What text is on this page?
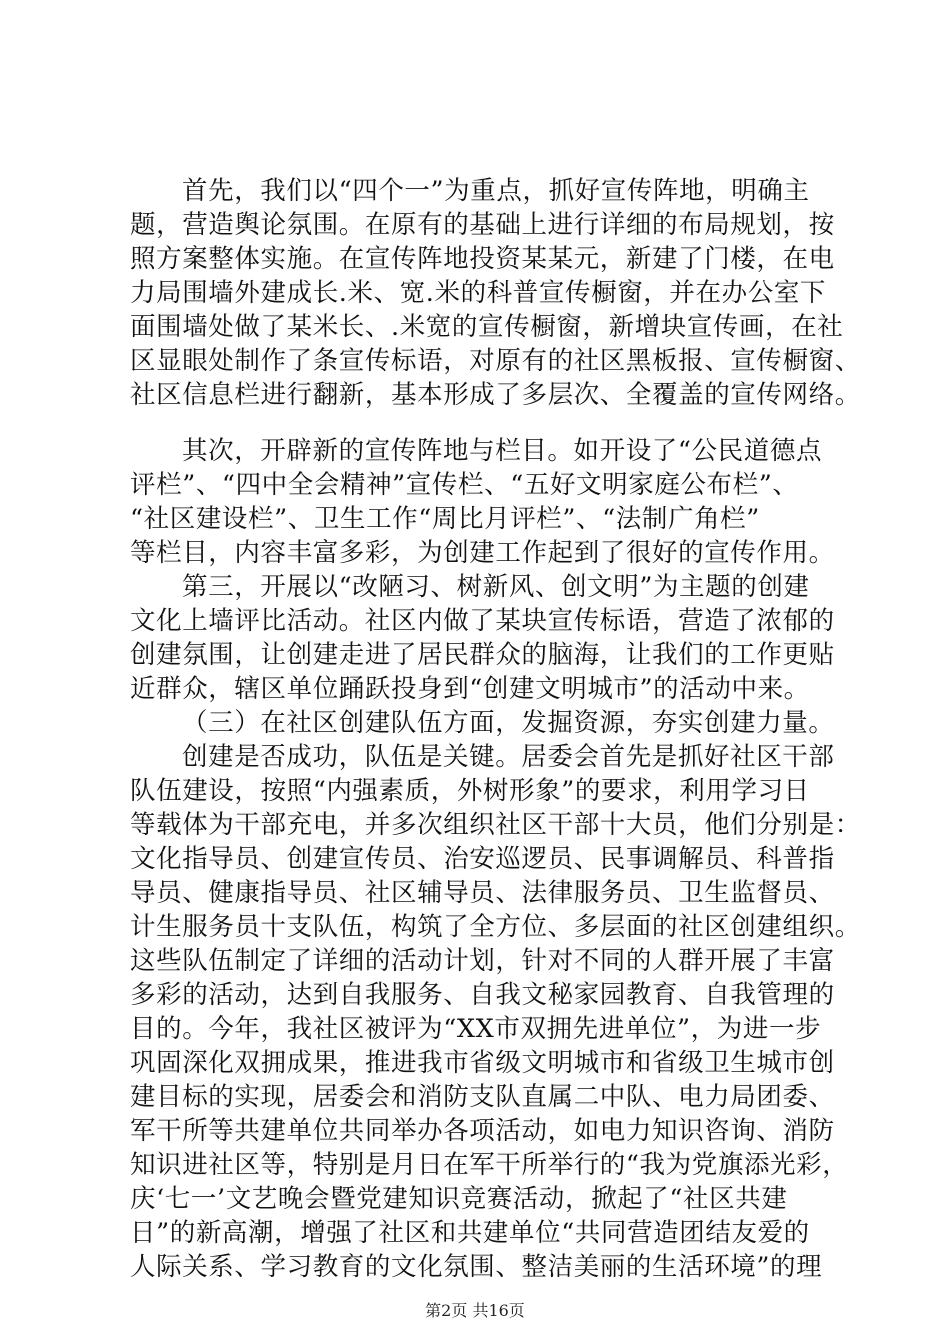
首先，我们以“四个一”为重点，抓好宣传阵地，明确主
题，营造舆论氛围。在原有的基础上进行详细的布局规划，按
照方案整体实施。在宣传阵地投资某某元，新建了门楼，在电
力局围墙外建成长.米、宽.米的科普宣传橱窗，并在办公室下
面围墙处做了某米长、.米宽的宣传橱窗，新增块宣传画，在社
区显眼处制作了条宣传标语，对原有的社区黑板报、宣传橱窗、
社区信息栏进行翻新，基本形成了多层次、全覆盖的宣传网络。
其次，开辟新的宣传阵地与栏目。如开设了“公民道德点
评栏”、“四中全会精神”宣传栏、“五好文明家庭公布栏”、
“社区建设栏”、卫生工作“周比月评栏”、“法制广角栏”
等栏目，内容丰富多彩，为创建工作起到了很好的宣传作用。
第三，开展以“改陋习、树新风、创文明”为主题的创建
文化上墙评比活动。社区内做了某块宣传标语，营造了浓郁的
创建氛围，让创建走进了居民群众的脑海，让我们的工作更贴
近群众，辖区单位踊跃投身到“创建文明城市”的活动中来。
（三）在社区创建队伍方面，发掘资源，夯实创建力量。
创建是否成功，队伍是关键。居委会首先是抓好社区干部
队伍建设，按照“内强素质，外树形象”的要求，利用学习日
等载体为干部充电，并多次组织社区干部十大员，他们分别是：
文化指导员、创建宣传员、治安巡逻员、民事调解员、科普指
导员、健康指导员、社区辅导员、法律服务员、卫生监督员、
计生服务员十支队伍，构筑了全方位、多层面的社区创建组织。
这些队伍制定了详细的活动计划，针对不同的人群开展了丰富
多彩的活动，达到自我服务、自我文秘家园教育、自我管理的
目的。今年，我社区被评为“XX市双拥先进单位”，为进一步
巩固深化双拥成果，推进我市省级文明城市和省级卫生城市创
建目标的实现，居委会和消防支队直属二中队、电力局团委、
军干所等共建单位共同举办各项活动，如电力知识咨询、消防
知识进社区等，特别是月日在军干所举行的“我为党旗添光彩，
庆‘七一’文艺晚会暨党建知识竞赛活动，掀起了“社区共建
日”的新高潮，增强了社区和共建单位“共同营造团结友爱的
人际关系、学习教育的文化氛围、整洁美丽的生活环境”的理
第2页 共16页
